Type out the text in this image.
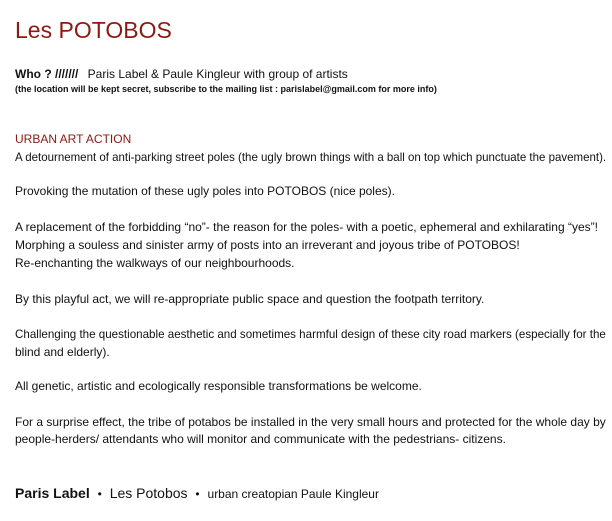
Les POTOBOS
Who ? /////// Paris Label & Paule Kingleur with group of artists
(the location will be kept secret, subscribe to the mailing list : parislabel@gmail.com for more info)
URBAN ART ACTION
A detournement of anti-parking street poles (the ugly brown things with a ball on top which punctuate the pavement).
Provoking the mutation of these ugly poles into POTOBOS (nice poles).
A replacement of the forbidding “no”- the reason for the poles- with a poetic, ephemeral and exhilarating “yes”!
Morphing a souless and sinister army of posts into an irreverant and joyous tribe of POTOBOS!
Re-enchanting the walkways of our neighbourhoods.
By this playful act, we will re-appropriate public space and question the footpath territory.
Challenging the questionable aesthetic and sometimes harmful design of these city road markers (especially for the
blind and elderly).
All genetic, artistic and ecologically responsible transformations be welcome.
For a surprise effect, the tribe of potabos be installed in the very small hours and protected for the whole day by
people-herders/ attendants who will monitor and communicate with the pedestrians- citizens.
Paris Label • Les Potobos • urban creatopian Paule Kingleur
